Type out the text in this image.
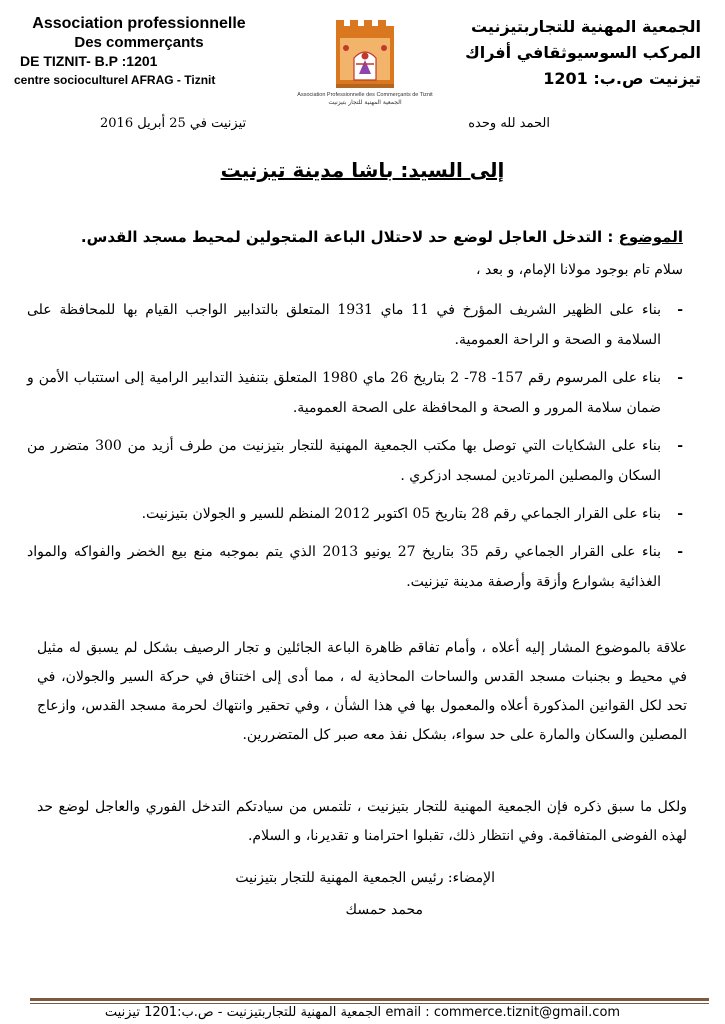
Association professionnelle
Des commerçants
DE TIZNIT- B.P :1201
centre socioculturel AFRAG - Tiznit
Association Professionnelle des Commerçants de Tiznit
الجمعية المهنية للتجار بتيزنيت
الجمعية المهنية للتجاربتيزنيت
المركب السوسيوثقافي أفراك
تيزنيت ص.ب: 1201
الحمد لله وحده
تيزنيت في 25 أبريل 2016
إلى السيد: باشا مدينة تيزنيت
الموضوع : التدخل العاجل لوضع حد لاحتلال الباعة المتجولين لمحيط مسجد القدس.
سلام تام بوجود مولانا الإمام، و بعد ،
- بناء على الظهير الشريف المؤرخ في 11 ماي 1931 المتعلق بالتدابير الواجب القيام بها للمحافظة على السلامة و الصحة و الراحة العمومية.
- بناء على المرسوم رقم 157- 78- 2 بتاريخ 26 ماي 1980 المتعلق بتنفيذ التدابير الرامية إلى استتباب الأمن و ضمان سلامة المرور و الصحة و المحافظة على الصحة العمومية.
- بناء على الشكايات التي توصل بها مكتب الجمعية المهنية للتجار بتيزنيت من طرف أزيد من 300 متضرر من السكان والمصلين المرتادين لمسجد ادزكري .
- بناء على القرار الجماعي رقم 28 بتاريخ 05 اكتوبر 2012 المنظم للسير و الجولان بتيزنيت.
- بناء على القرار الجماعي رقم 35 بتاريخ 27 يونيو 2013 الذي يتم بموجبه منع بيع الخضر والفواكه والمواد الغذائية بشوارع وأزقة وأرصفة مدينة تيزنيت.

علاقة بالموضوع المشار إليه أعلاه ، وأمام تفاقم ظاهرة الباعة الجائلين و تجار الرصيف بشكل لم يسبق له مثيل في محيط و بجنبات مسجد القدس والساحات المحاذية له ، مما أدى إلى اختناق في حركة السير والجولان، في تحد لكل القوانين المذكورة أعلاه والمعمول بها في هذا الشأن ، وفي تحقير وانتهاك لحرمة مسجد القدس، وازعاج المصلين والسكان والمارة على حد سواء، بشكل نفذ معه صبر كل المتضررين.

ولكل ما سبق ذكره فإن الجمعية المهنية للتجار بتيزنيت ، تلتمس من سيادتكم التدخل الفوري والعاجل لوضع حد لهذه الفوضى المتفاقمة. وفي انتظار ذلك، تقبلوا احترامنا و تقديرنا، و السلام.

الإمضاء: رئيس الجمعية المهنية للتجار بتيزنيت
محمد حمسك
الجمعية المهنية للتجاربتيزنيت - ص.ب:1201 تيزنيت email : commerce.tiznit@gmail.com
